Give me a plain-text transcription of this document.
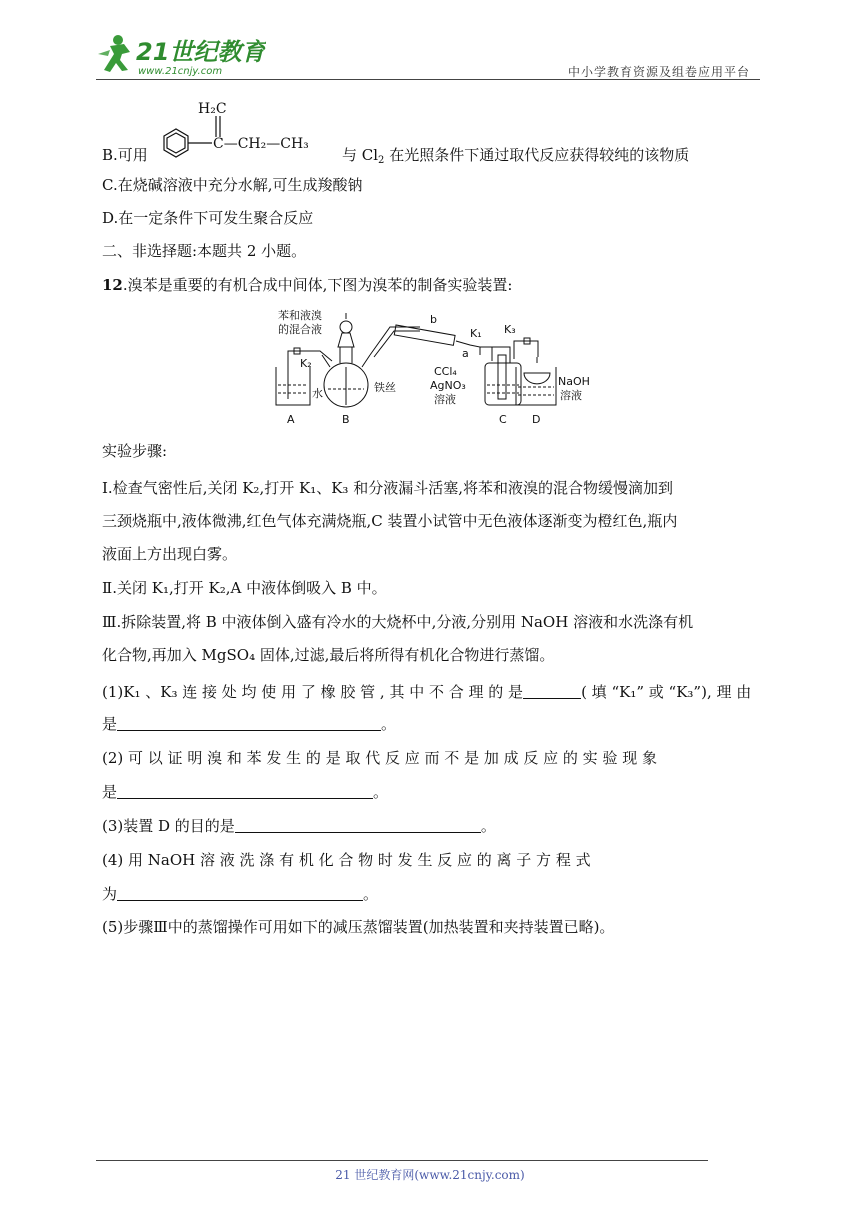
21世纪教育
www.21cnjy.com	中小学教育资源及组卷应用平台
B.可用
H₂C
C—CH₂—CH₃
与 $Cl_2$ 在光照条件下通过取代反应获得较纯的该物质
C.在烧碱溶液中充分水解,可生成羧酸钠
D.在一定条件下可发生聚合反应
二、非选择题:本题共 2 小题。
12.溴苯是重要的有机合成中间体,下图为溴苯的制备实验装置:
苯和液溴
的混合液
K₂
水	铁丝
b
a
K₁ K₃
CCl₄
AgNO₃
溶液
NaOH
溶液
A	B	C D
实验步骤:
Ⅰ.检查气密性后,关闭 K₂,打开 K₁、K₃ 和分液漏斗活塞,将苯和液溴的混合物缓慢滴加到
三颈烧瓶中,液体微沸,红色气体充满烧瓶,C 装置小试管中无色液体逐渐变为橙红色,瓶内
液面上方出现白雾。
Ⅱ.关闭 K₁,打开 K₂,A 中液体倒吸入 B 中。
Ⅲ.拆除装置,将 B 中液体倒入盛有冷水的大烧杯中,分液,分别用 NaOH 溶液和水洗涤有机
化合物,再加入 MgSO₄ 固体,过滤,最后将所得有机化合物进行蒸馏。
(1)K₁ 、K₃ 连 接 处 均 使 用 了 橡 胶 管 , 其 中 不 合 理 的 是	( 填 “K₁” 或 “K₃”), 理 由
是	。
(2) 可 以 证 明 溴 和 苯 发 生 的 是 取 代 反 应 而 不 是 加 成 反 应 的 实 验 现 象
是	。
(3)装置 D 的目的是	。
(4) 用 NaOH 溶 液 洗 涤 有 机 化 合 物 时 发 生 反 应 的 离 子 方 程 式
为	。
(5)步骤Ⅲ中的蒸馏操作可用如下的减压蒸馏装置(加热装置和夹持装置已略)。
21 世纪教育网(www.21cnjy.com)
